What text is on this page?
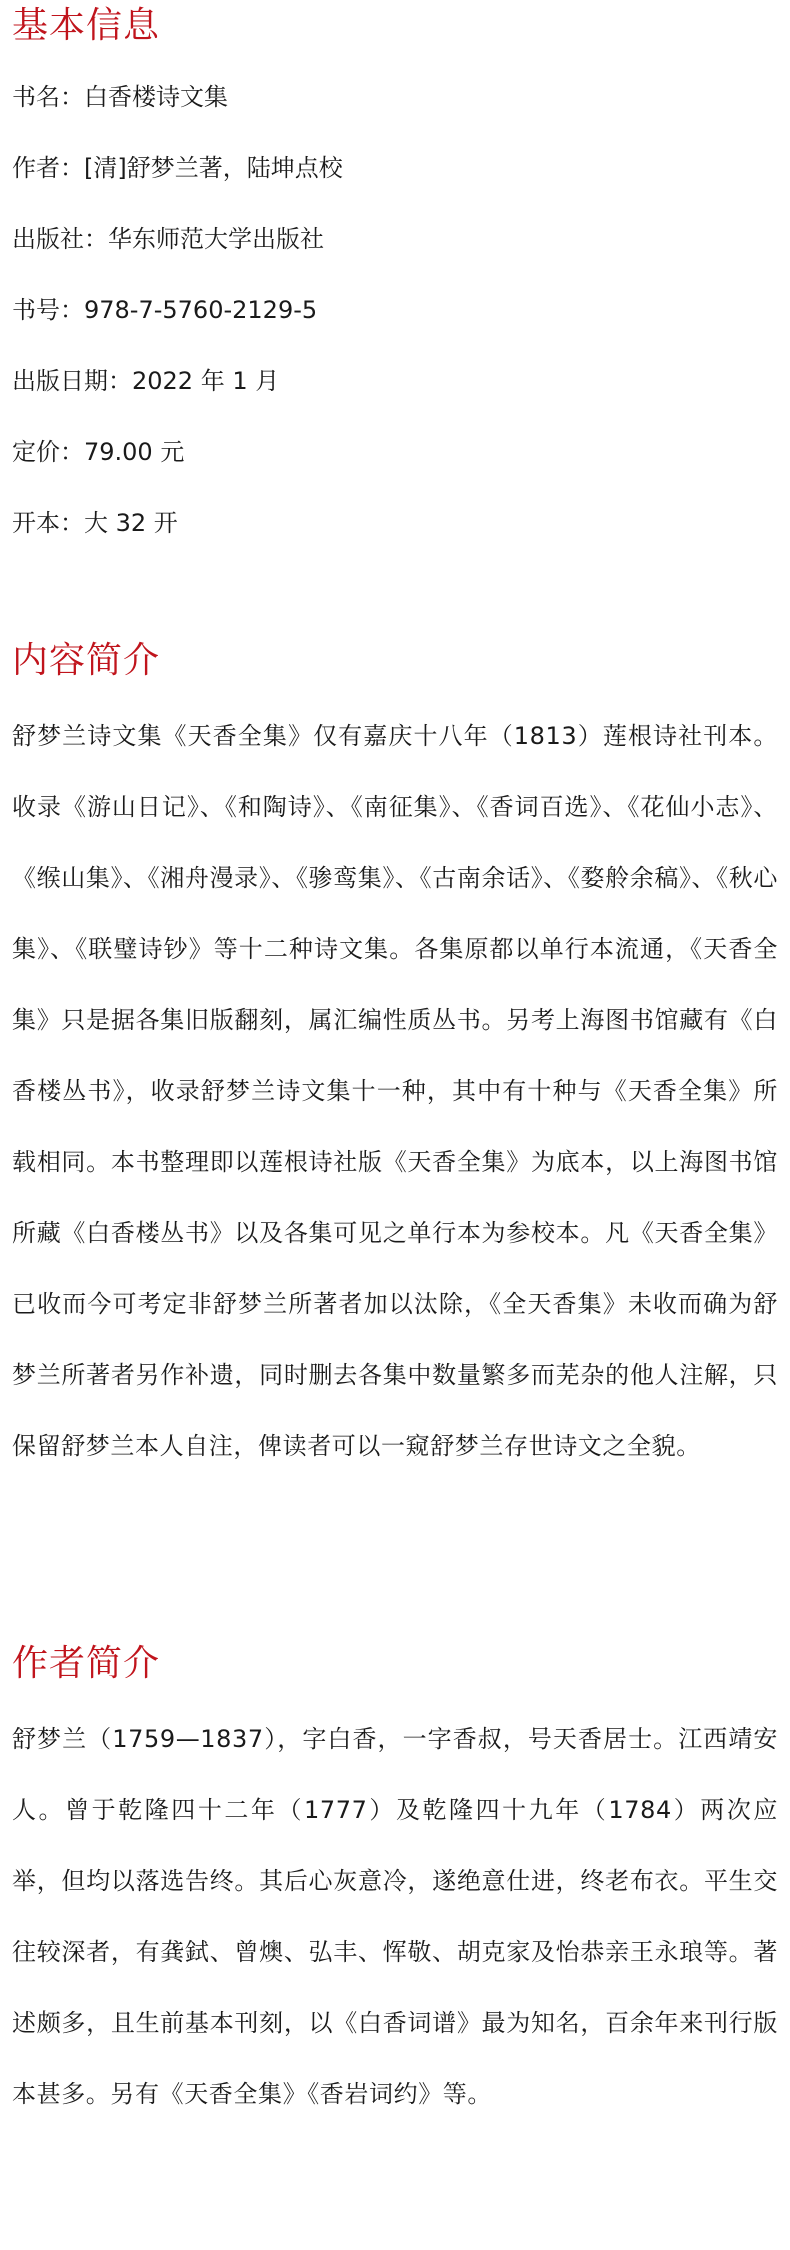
基本信息

书名：白香楼诗文集

作者：[清]舒梦兰著，陆坤点校

出版社：华东师范大学出版社

书号：978-7-5760-2129-5

出版日期：2022 年 1 月

定价：79.00 元

开本：大 32 开

内容简介

舒梦兰诗文集《天香全集》仅有嘉庆十八年（1813）莲根诗社刊本。收录《游山日记》、《和陶诗》、《南征集》、《香词百选》、《花仙小志》、《缑山集》、《湘舟漫录》、《骖鸾集》、《古南余话》、《婺舲余稿》、《秋心集》、《联璧诗钞》等十二种诗文集。各集原都以单行本流通，《天香全集》只是据各集旧版翻刻，属汇编性质丛书。另考上海图书馆藏有《白香楼丛书》，收录舒梦兰诗文集十一种，其中有十种与《天香全集》所载相同。本书整理即以莲根诗社版《天香全集》为底本，以上海图书馆所藏《白香楼丛书》以及各集可见之单行本为参校本。凡《天香全集》已收而今可考定非舒梦兰所著者加以汰除，《全天香集》未收而确为舒梦兰所著者另作补遗，同时删去各集中数量繁多而芜杂的他人注解，只保留舒梦兰本人自注，俾读者可以一窥舒梦兰存世诗文之全貌。

作者简介

舒梦兰（1759—1837），字白香，一字香叔，号天香居士。江西靖安人。曾于乾隆四十二年（1777）及乾隆四十九年（1784）两次应举，但均以落选告终。其后心灰意冷，遂绝意仕进，终老布衣。平生交往较深者，有龚鉽、曾燠、弘丰、恽敬、胡克家及怡恭亲王永琅等。著述颇多，且生前基本刊刻，以《白香词谱》最为知名，百余年来刊行版本甚多。另有《天香全集》《香岩词约》等。
